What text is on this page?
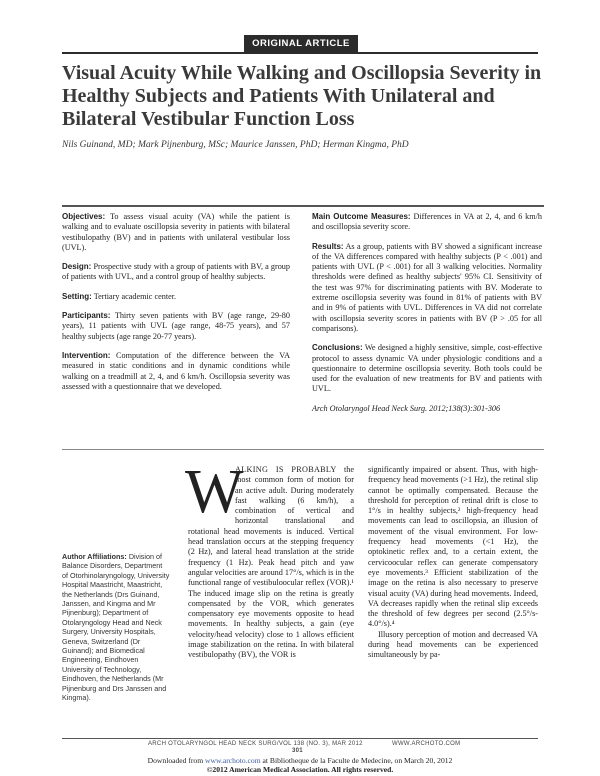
ORIGINAL ARTICLE
Visual Acuity While Walking and Oscillopsia Severity in Healthy Subjects and Patients With Unilateral and Bilateral Vestibular Function Loss
Nils Guinand, MD; Mark Pijnenburg, MSc; Maurice Janssen, PhD; Herman Kingma, PhD

Objectives: To assess visual acuity (VA) while the patient is walking and to evaluate oscillopsia severity in patients with bilateral vestibulopathy (BV) and in patients with unilateral vestibular loss (UVL).

Design: Prospective study with a group of patients with BV, a group of patients with UVL, and a control group of healthy subjects.

Setting: Tertiary academic center.

Participants: Thirty seven patients with BV (age range, 29-80 years), 11 patients with UVL (age range, 48-75 years), and 57 healthy subjects (age range 20-77 years).

Intervention: Computation of the difference between the VA measured in static conditions and in dynamic conditions while walking on a treadmill at 2, 4, and 6 km/h. Oscillopsia severity was assessed with a questionnaire that we developed.

Main Outcome Measures: Differences in VA at 2, 4, and 6 km/h and oscillopsia severity score.

Results: As a group, patients with BV showed a significant increase of the VA differences compared with healthy subjects (P < .001) and patients with UVL (P < .001) for all 3 walking velocities. Normality thresholds were defined as healthy subjects' 95% CI. Sensitivity of the test was 97% for discriminating patients with BV. Moderate to extreme oscillopsia severity was found in 81% of patients with BV and in 9% of patients with UVL. Differences in VA did not correlate with oscillopsia severity scores in patients with BV (P > .05 for all comparisons).

Conclusions: We designed a highly sensitive, simple, cost-effective protocol to assess dynamic VA under physiologic conditions and a questionnaire to determine oscillopsia severity. Both tools could be used for the evaluation of new treatments for BV and patients with UVL.

Arch Otolaryngol Head Neck Surg. 2012;138(3):301-306

Author Affiliations: Division of Balance Disorders, Department of Otorhinolaryngology, University Hospital Maastricht, Maastricht, the Netherlands (Drs Guinand, Janssen, and Kingma and Mr Pijnenburg); Department of Otolaryngology Head and Neck Surgery, University Hospitals, Geneva, Switzerland (Dr Guinand); and Biomedical Engineering, Eindhoven University of Technology, Eindhoven, the Netherlands (Mr Pijnenburg and Drs Janssen and Kingma).

W
ALKING IS PROBABLY the most common form of motion for an active adult. During moderately fast walking (6 km/h), a combination of vertical and horizontal translational and rotational head movements is induced. Vertical head translation occurs at the stepping frequency (2 Hz), and lateral head translation at the stride frequency (1 Hz). Peak head pitch and yaw angular velocities are around 17°/s, which is in the functional range of vestibuloocular reflex (VOR).¹ The induced image slip on the retina is greatly compensated by the VOR, which generates compensatory eye movements opposite to head movements. In healthy subjects, a gain (eye velocity/head velocity) close to 1 allows efficient image stabilization on the retina. In with bilateral vestibulopathy (BV), the VOR is

significantly impaired or absent. Thus, with high-frequency head movements (>1 Hz), the retinal slip cannot be optimally compensated. Because the threshold for perception of retinal drift is close to 1°/s in healthy subjects,² high-frequency head movements can lead to oscillopsia, an illusion of movement of the visual environment. For low-frequency head movements (<1 Hz), the optokinetic reflex and, to a certain extent, the cervicoocular reflex can generate compensatory eye movements.³ Efficient stabilization of the image on the retina is also necessary to preserve visual acuity (VA) during head movements. Indeed, VA decreases rapidly when the retinal slip exceeds the threshold of few degrees per second (2.5°/s-4.0°/s).⁴

Illusory perception of motion and decreased VA during head movements can be experienced simultaneously by pa-

ARCH OTOLARYNGOL HEAD NECK SURG/VOL 138 (NO. 3), MAR 2012	WWW.ARCHOTO.COM
301
Downloaded from www.archoto.com at Bibliotheque de la Faculte de Medecine, on March 20, 2012
©2012 American Medical Association. All rights reserved.
